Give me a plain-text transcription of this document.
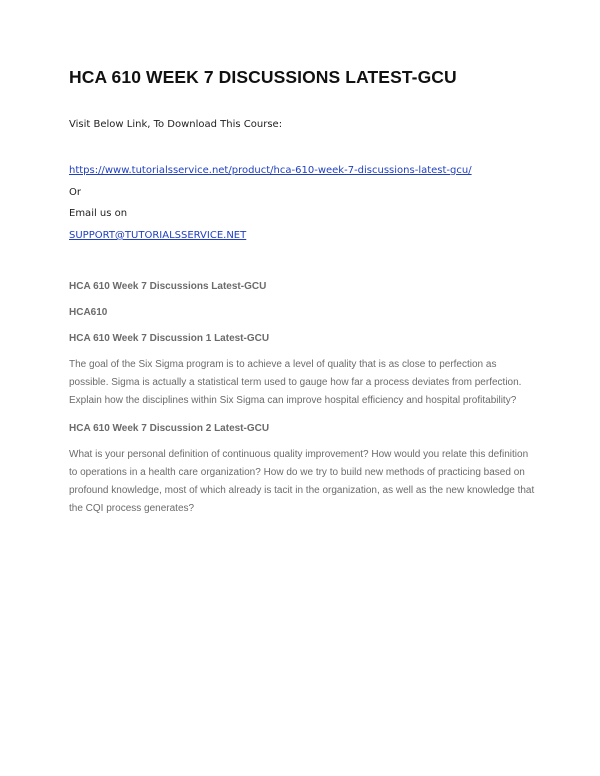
HCA 610 WEEK 7 DISCUSSIONS LATEST-GCU

Visit Below Link, To Download This Course:

https://www.tutorialsservice.net/product/hca-610-week-7-discussions-latest-gcu/

Or

Email us on

SUPPORT@TUTORIALSSERVICE.NET
HCA 610 Week 7 Discussions Latest-GCU
HCA610
HCA 610 Week 7 Discussion 1 Latest-GCU
The goal of the Six Sigma program is to achieve a level of quality that is as close to perfection as
possible. Sigma is actually a statistical term used to gauge how far a process deviates from perfection.
Explain how the disciplines within Six Sigma can improve hospital efficiency and hospital profitability?
HCA 610 Week 7 Discussion 2 Latest-GCU
What is your personal definition of continuous quality improvement? How would you relate this definition
to operations in a health care organization? How do we try to build new methods of practicing based on
profound knowledge, most of which already is tacit in the organization, as well as the new knowledge that
the CQI process generates?
